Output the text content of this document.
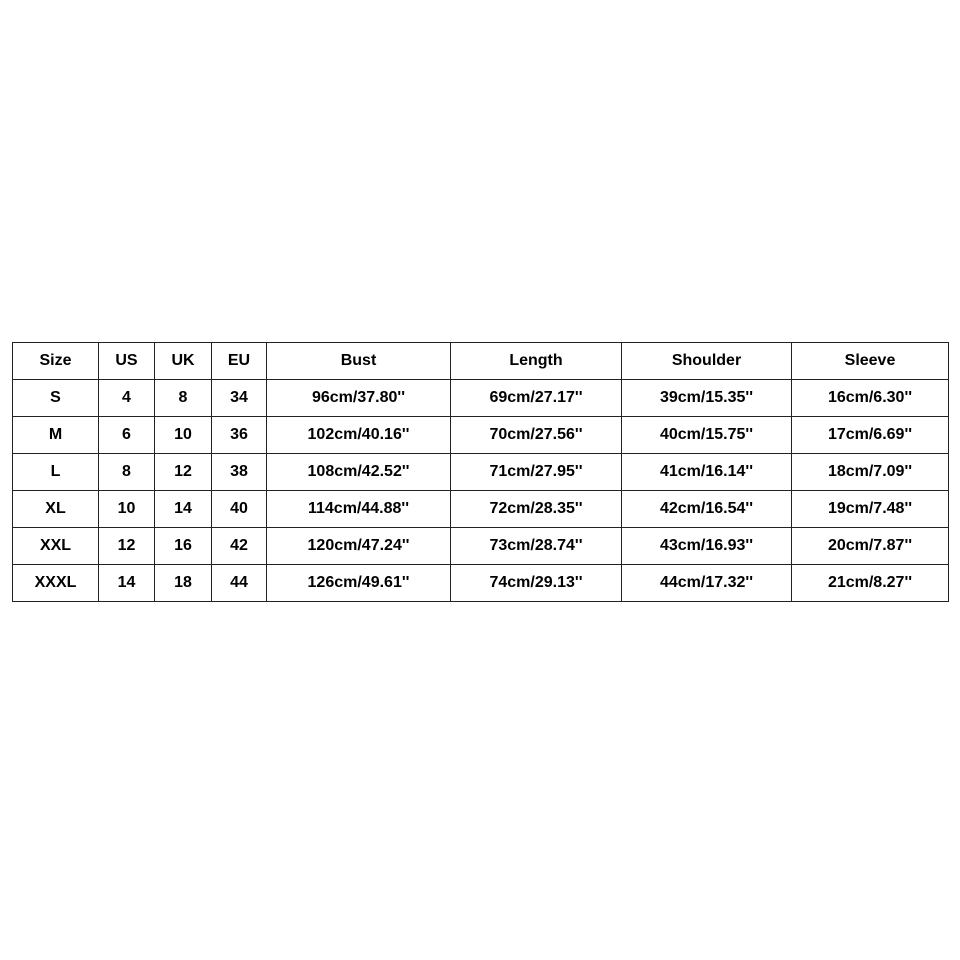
Size	US	UK	EU	Bust	Length	Shoulder	Sleeve
S	4	8	34	96cm/37.80''	69cm/27.17''	39cm/15.35''	16cm/6.30''
M	6	10	36	102cm/40.16''	70cm/27.56''	40cm/15.75''	17cm/6.69''
L	8	12	38	108cm/42.52''	71cm/27.95''	41cm/16.14''	18cm/7.09''
XL	10	14	40	114cm/44.88''	72cm/28.35''	42cm/16.54''	19cm/7.48''
XXL	12	16	42	120cm/47.24''	73cm/28.74''	43cm/16.93''	20cm/7.87''
XXXL	14	18	44	126cm/49.61''	74cm/29.13''	44cm/17.32''	21cm/8.27''
